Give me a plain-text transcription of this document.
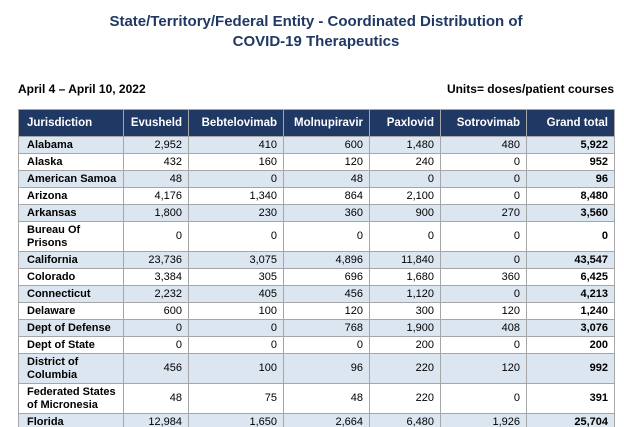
State/Territory/Federal Entity - Coordinated Distribution of
COVID-19 Therapeutics
April 4 – April 10, 2022	Units= doses/patient courses
Jurisdiction	Evusheld	Bebtelovimab	Molnupiravir	Paxlovid	Sotrovimab	Grand total
Alabama	2,952	410	600	1,480	480	5,922
Alaska	432	160	120	240	0	952
American Samoa	48	0	48	0	0	96
Arizona	4,176	1,340	864	2,100	0	8,480
Arkansas	1,800	230	360	900	270	3,560
Bureau Of Prisons	0	0	0	0	0	0
California	23,736	3,075	4,896	11,840	0	43,547
Colorado	3,384	305	696	1,680	360	6,425
Connecticut	2,232	405	456	1,120	0	4,213
Delaware	600	100	120	300	120	1,240
Dept of Defense	0	0	768	1,900	408	3,076
Dept of State	0	0	0	200	0	200
District of Columbia	456	100	96	220	120	992
Federated States of Micronesia	48	75	48	220	0	391
Florida	12,984	1,650	2,664	6,480	1,926	25,704
